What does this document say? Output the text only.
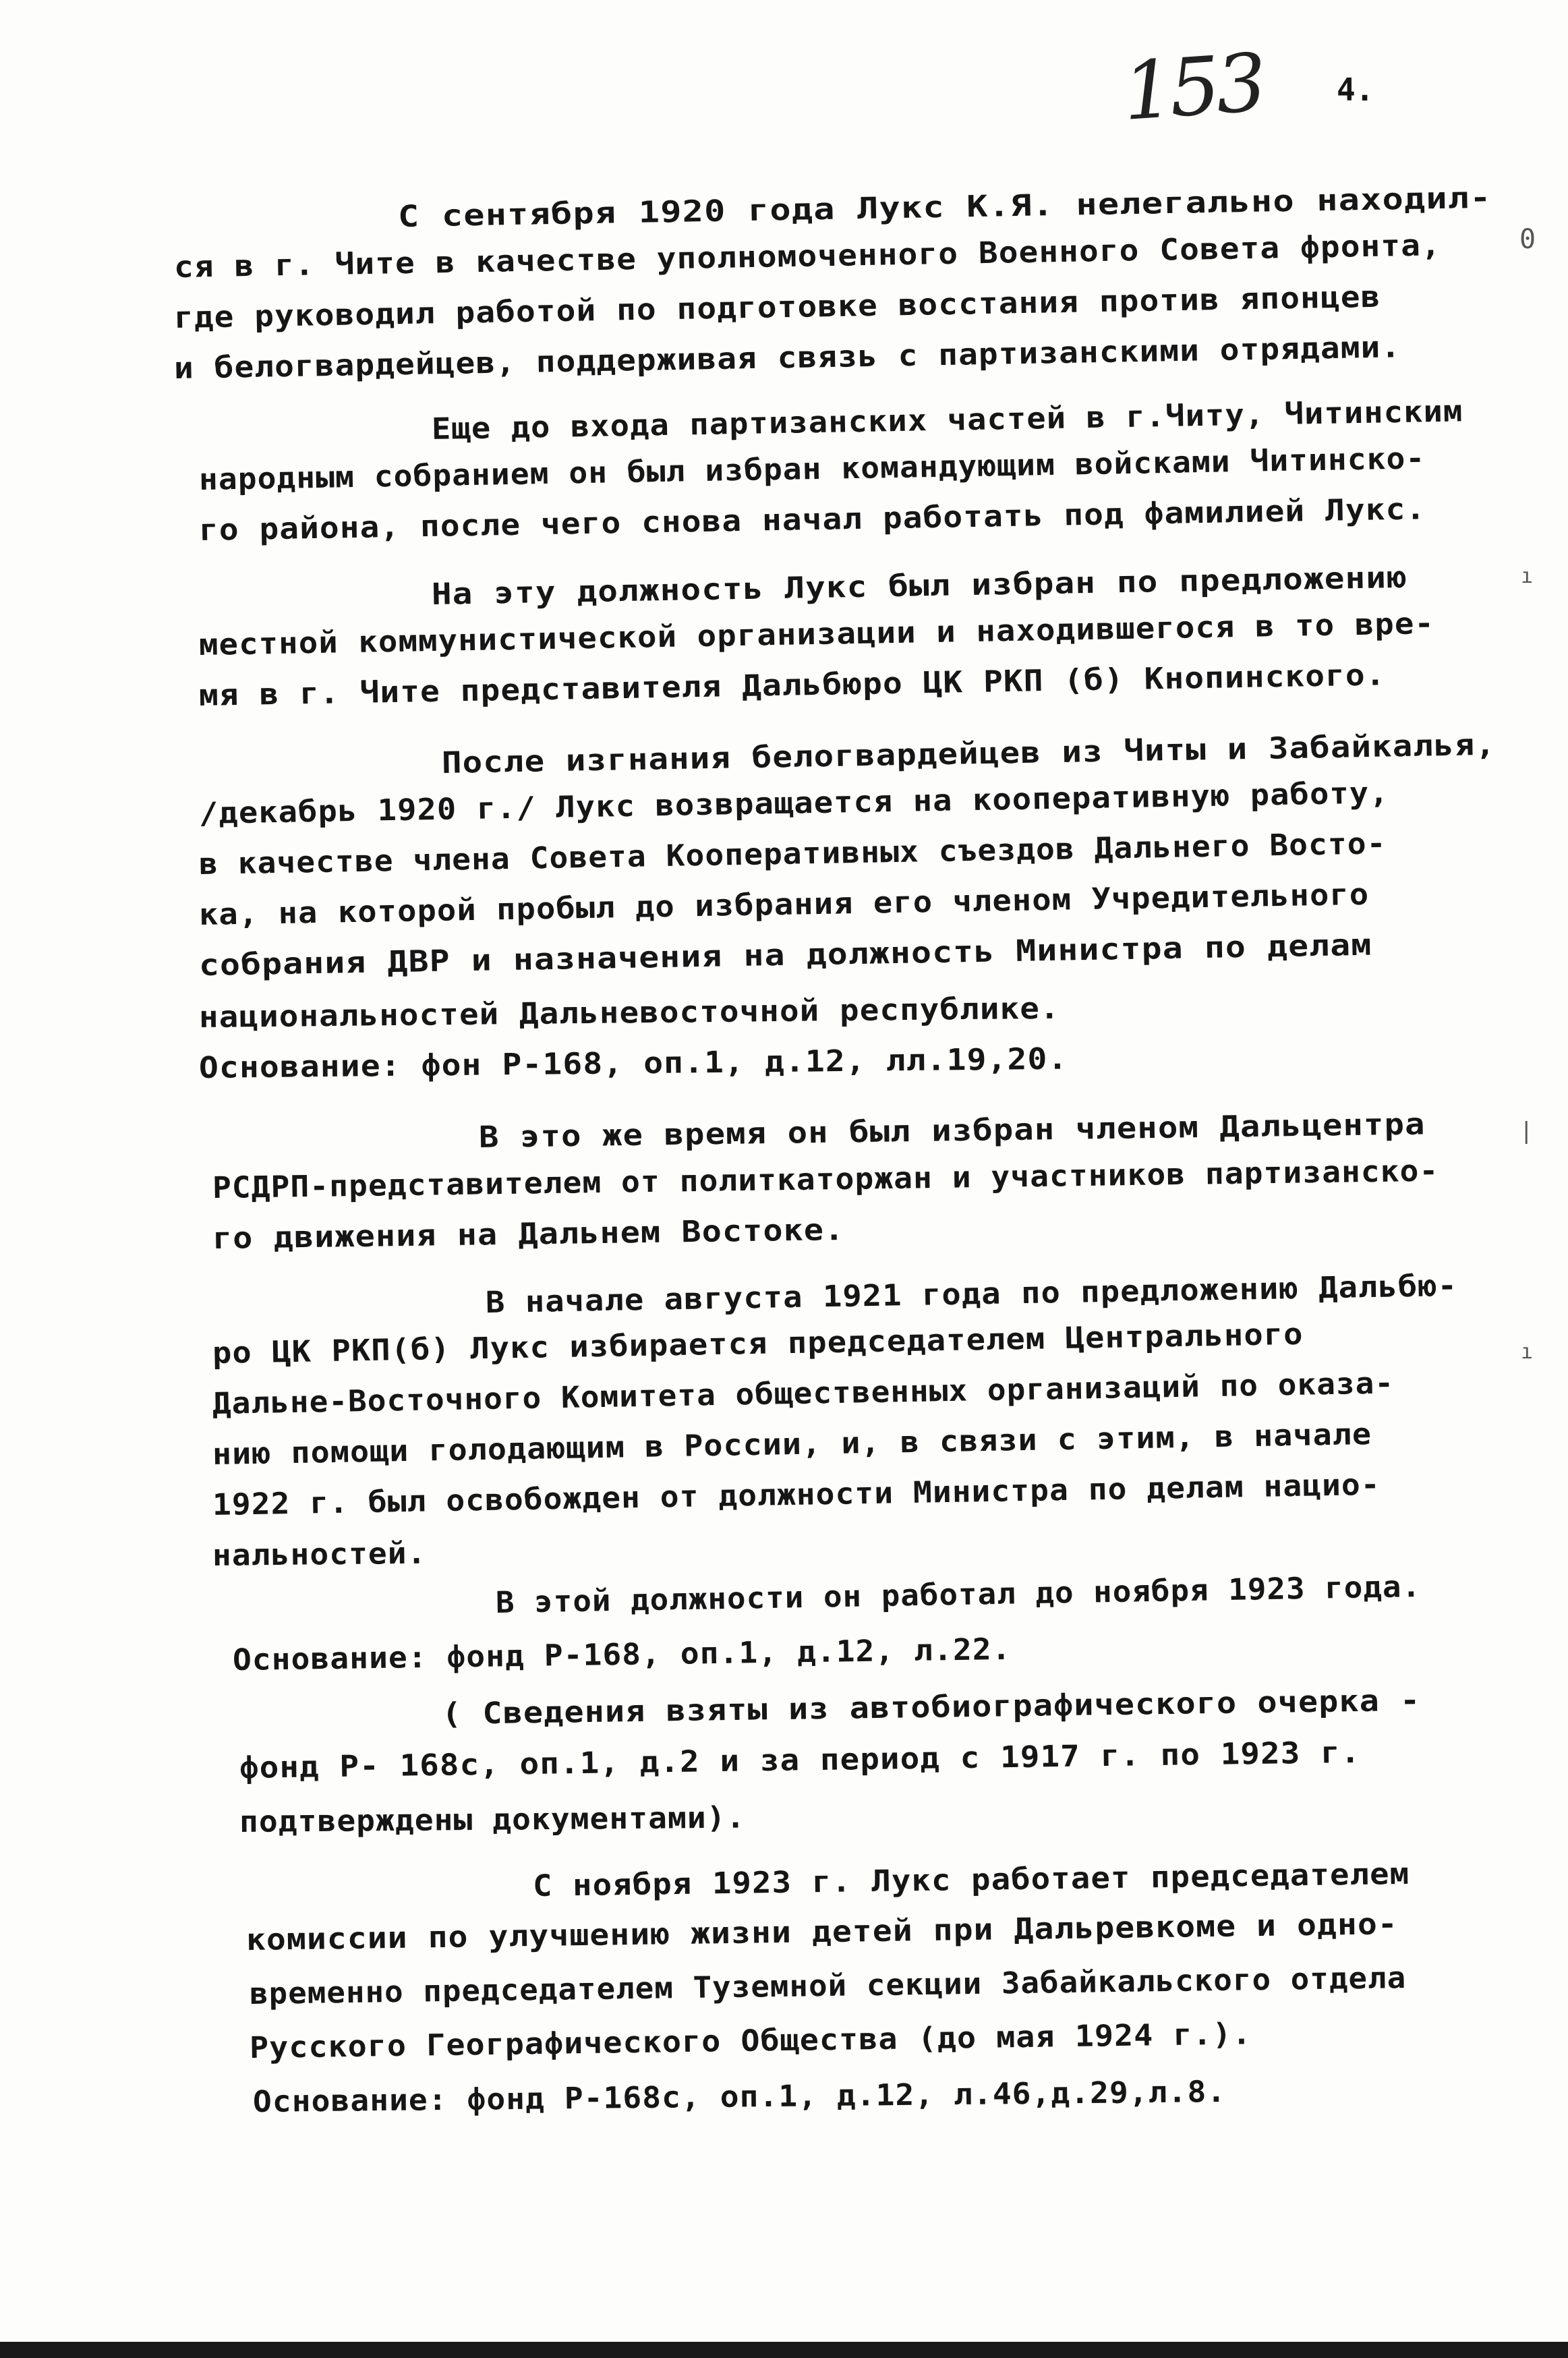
153 4.
0
ı
|
ı
С сентября 1920 года Лукс К.Я. нелегально находил-
ся в г. Чите в качестве уполномоченного Военного Совета фронта,
где руководил работой по подготовке восстания против японцев
и белогвардейцев, поддерживая связь с партизанскими отрядами.
Еще до входа партизанских частей в г.Читу, Читинским
народным собранием он был избран командующим войсками Читинско-
го района, после чего снова начал работать под фамилией Лукс.
На эту должность Лукс был избран по предложению
местной коммунистической организации и находившегося в то вре-
мя в г. Чите представителя Дальбюро ЦК РКП (б) Кнопинского.
После изгнания белогвардейцев из Читы и Забайкалья,
/декабрь 1920 г./ Лукс возвращается на кооперативную работу,
в качестве члена Совета Кооперативных съездов Дальнего Восто-
ка, на которой пробыл до избрания его членом Учредительного
собрания ДВР и назначения на должность Министра по делам
национальностей Дальневосточной республике.
Основание: фон Р-168, оп.1, д.12, лл.19,20.
В это же время он был избран членом Дальцентра
РСДРП-представителем от политкаторжан и участников партизанско-
го движения на Дальнем Востоке.
В начале августа 1921 года по предложению Дальбю-
ро ЦК РКП(б) Лукс избирается председателем Центрального
Дальне-Восточного Комитета общественных организаций по оказа-
нию помощи голодающим в России, и, в связи с этим, в начале
1922 г. был освобожден от должности Министра по делам нацио-
нальностей.
В этой должности он работал до ноября 1923 года.
Основание: фонд Р-168, оп.1, д.12, л.22.
( Сведения взяты из автобиографического очерка -
фонд Р- 168с, оп.1, д.2 и за период с 1917 г. по 1923 г.
подтверждены документами).
С ноября 1923 г. Лукс работает председателем
комиссии по улучшению жизни детей при Дальревкоме и одно-
временно председателем Туземной секции Забайкальского отдела
Русского Географического Общества (до мая 1924 г.).
Основание: фонд Р-168с, оп.1, д.12, л.46,д.29,л.8.
